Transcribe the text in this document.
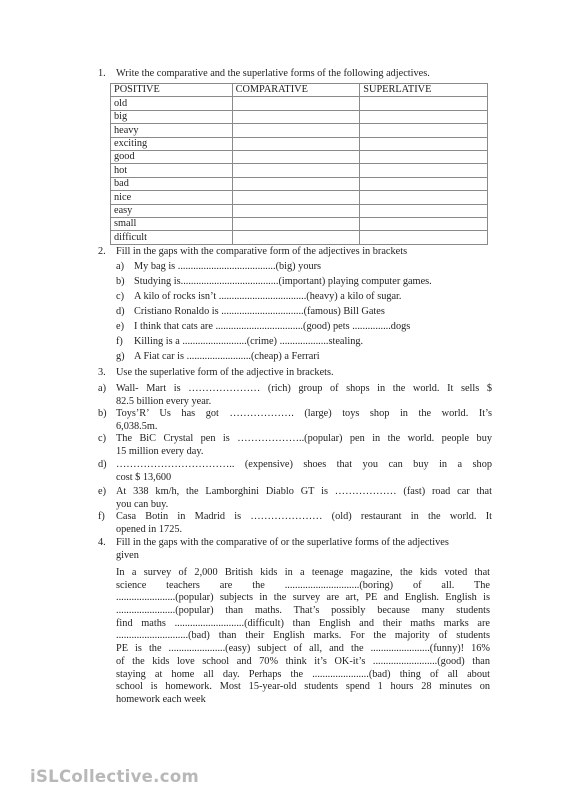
1. Write the comparative and the superlative forms of the following adjectives.
POSITIVE	COMPARATIVE	SUPERLATIVE
old		
big		
heavy		
exciting		
good		
hot		
bad		
nice		
easy		
small		
difficult		
2. Fill in the gaps with the comparative form of the adjectives in brackets
a) My bag is ......................................(big) yours
b) Studying is......................................(important) playing computer games.
c) A kilo of rocks isn’t ..................................(heavy) a kilo of sugar.
d) Cristiano Ronaldo is ................................(famous) Bill Gates
e) I think that cats are ..................................(good) pets ...............dogs
f) Killing is a .........................(crime) ...................stealing.
g) A Fiat car is .........................(cheap) a Ferrari
3. Use the superlative form of the adjective in brackets.
a) Wall- Mart is ………………… (rich) group of shops in the world. It sells $
82.5 billion every year.
b) Toys’R’ Us has got ………………. (large) toys shop in the world. It’s
6,038.5m.
c) The BiC Crystal pen is ………………..(popular) pen in the world. people buy
15 million every day.
d) …………………………….. (expensive) shoes that you can buy in a shop
cost $ 13,600
e) At 338 km/h, the Lamborghini Diablo GT is ……………… (fast) road car that
you can buy.
f) Casa Botin in Madrid is ………………… (old) restaurant in the world. It
opened in 1725.
4. Fill in the gaps with the comparative of or the superlative forms of the adjectives
given
In a survey of 2,000 British kids in a teenage magazine, the kids voted that
science teachers are the .............................(boring) of all. The
.......................(popular) subjects in the survey are art, PE and English. English is
.......................(popular) than maths. That’s possibly because many students
find maths ...........................(difficult) than English and their maths marks are
............................(bad) than their English marks. For the majority of students
PE is the ......................(easy) subject of all, and the .......................(funny)! 16%
of the kids love school and 70% think it’s OK-it’s .........................(good) than
staying at home all day. Perhaps the ......................(bad) thing of all about
school is homework. Most 15-year-old students spend 1 hours 28 minutes on
homework each week
iSLCollective.com
